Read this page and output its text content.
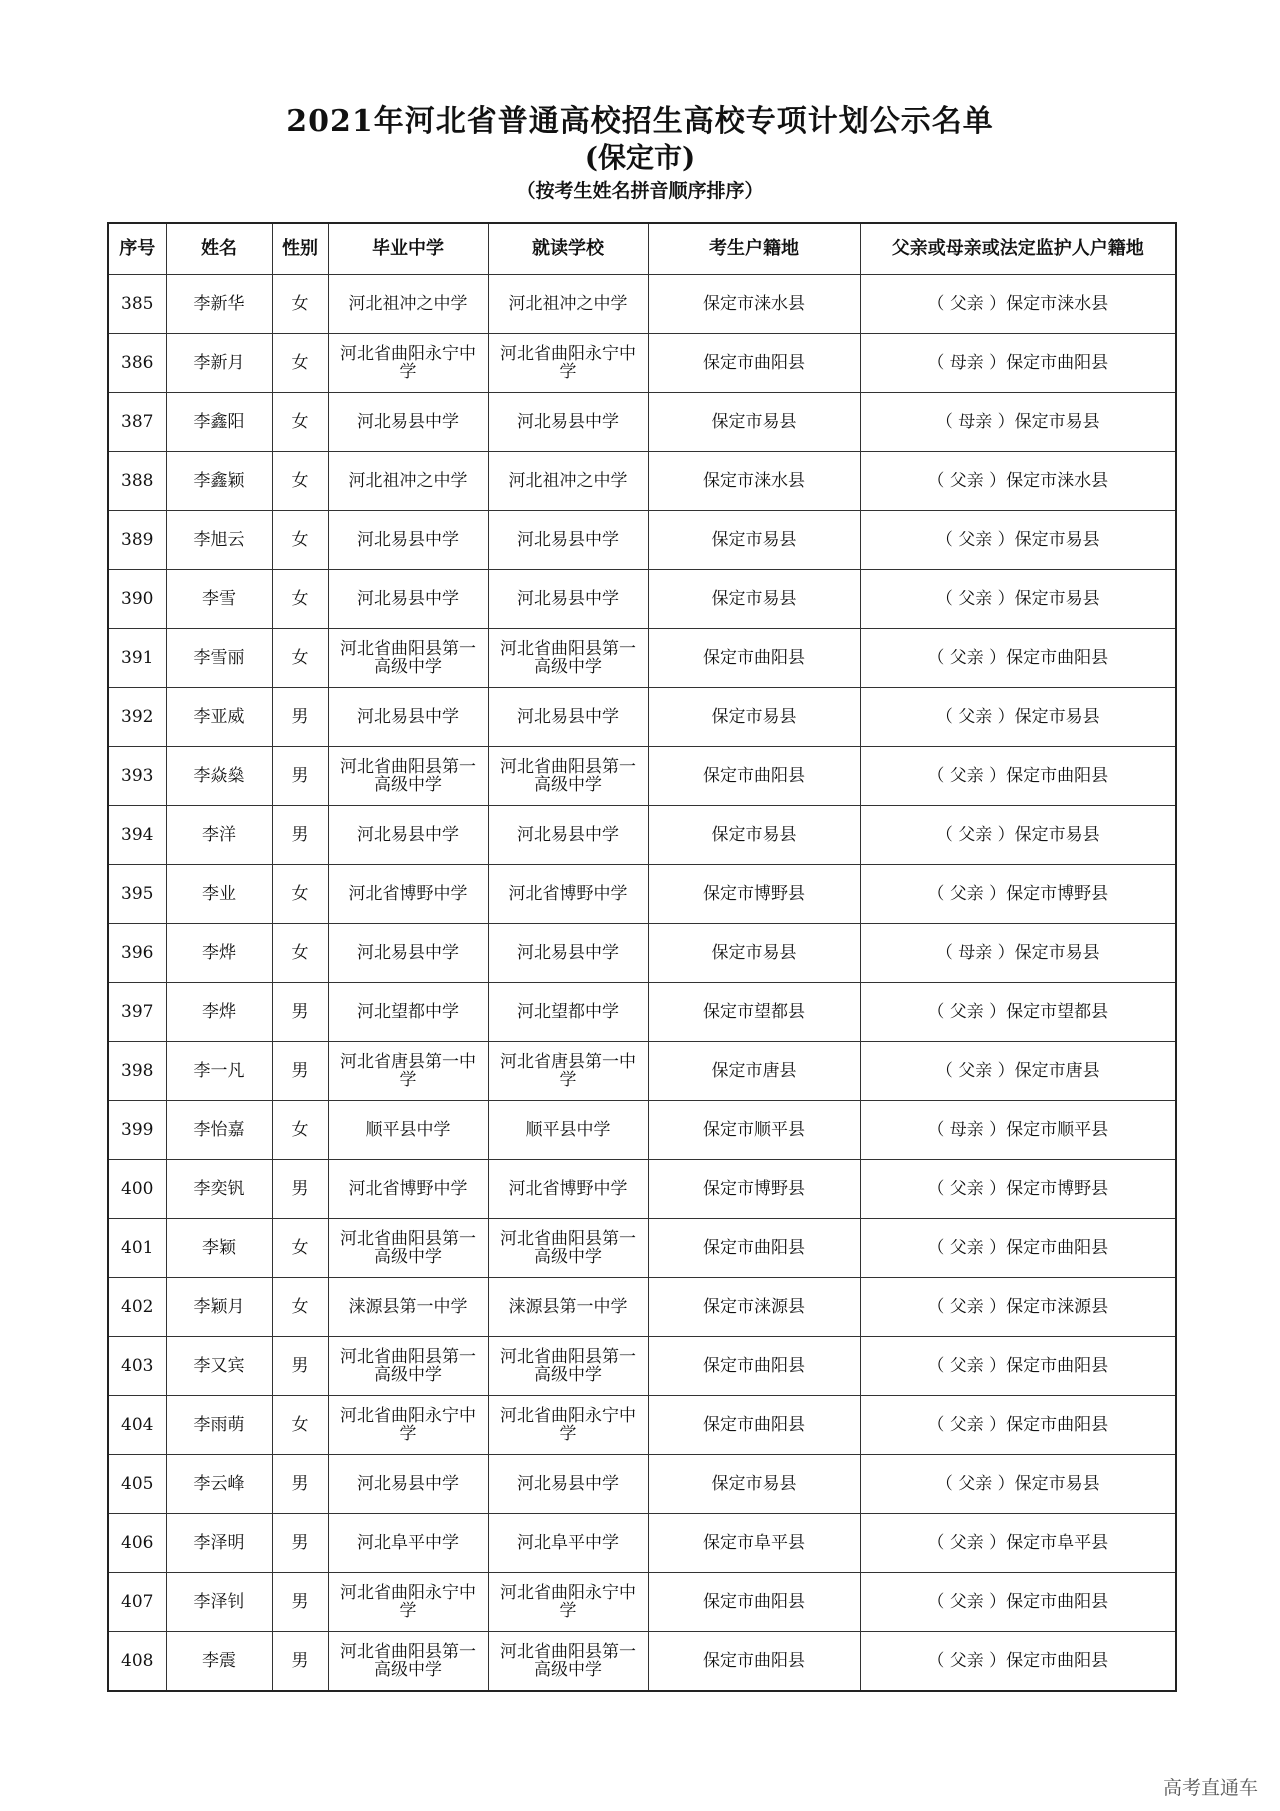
2021年河北省普通高校招生高校专项计划公示名单
(保定市)
（按考生姓名拼音顺序排序）
序号	姓名	性别	毕业中学	就读学校	考生户籍地	父亲或母亲或法定监护人户籍地
385	李新华	女	河北祖冲之中学	河北祖冲之中学	保定市涞水县	（ 父亲 ）保定市涞水县
386	李新月	女	河北省曲阳永宁中学	河北省曲阳永宁中学	保定市曲阳县	（ 母亲 ）保定市曲阳县
387	李鑫阳	女	河北易县中学	河北易县中学	保定市易县	（ 母亲 ）保定市易县
388	李鑫颖	女	河北祖冲之中学	河北祖冲之中学	保定市涞水县	（ 父亲 ）保定市涞水县
389	李旭云	女	河北易县中学	河北易县中学	保定市易县	（ 父亲 ）保定市易县
390	李雪	女	河北易县中学	河北易县中学	保定市易县	（ 父亲 ）保定市易县
391	李雪丽	女	河北省曲阳县第一高级中学	河北省曲阳县第一高级中学	保定市曲阳县	（ 父亲 ）保定市曲阳县
392	李亚威	男	河北易县中学	河北易县中学	保定市易县	（ 父亲 ）保定市易县
393	李焱燊	男	河北省曲阳县第一高级中学	河北省曲阳县第一高级中学	保定市曲阳县	（ 父亲 ）保定市曲阳县
394	李洋	男	河北易县中学	河北易县中学	保定市易县	（ 父亲 ）保定市易县
395	李业	女	河北省博野中学	河北省博野中学	保定市博野县	（ 父亲 ）保定市博野县
396	李烨	女	河北易县中学	河北易县中学	保定市易县	（ 母亲 ）保定市易县
397	李烨	男	河北望都中学	河北望都中学	保定市望都县	（ 父亲 ）保定市望都县
398	李一凡	男	河北省唐县第一中学	河北省唐县第一中学	保定市唐县	（ 父亲 ）保定市唐县
399	李怡嘉	女	顺平县中学	顺平县中学	保定市顺平县	（ 母亲 ）保定市顺平县
400	李奕钒	男	河北省博野中学	河北省博野中学	保定市博野县	（ 父亲 ）保定市博野县
401	李颖	女	河北省曲阳县第一高级中学	河北省曲阳县第一高级中学	保定市曲阳县	（ 父亲 ）保定市曲阳县
402	李颖月	女	涞源县第一中学	涞源县第一中学	保定市涞源县	（ 父亲 ）保定市涞源县
403	李又宾	男	河北省曲阳县第一高级中学	河北省曲阳县第一高级中学	保定市曲阳县	（ 父亲 ）保定市曲阳县
404	李雨萌	女	河北省曲阳永宁中学	河北省曲阳永宁中学	保定市曲阳县	（ 父亲 ）保定市曲阳县
405	李云峰	男	河北易县中学	河北易县中学	保定市易县	（ 父亲 ）保定市易县
406	李泽明	男	河北阜平中学	河北阜平中学	保定市阜平县	（ 父亲 ）保定市阜平县
407	李泽钊	男	河北省曲阳永宁中学	河北省曲阳永宁中学	保定市曲阳县	（ 父亲 ）保定市曲阳县
408	李震	男	河北省曲阳县第一高级中学	河北省曲阳县第一高级中学	保定市曲阳县	（ 父亲 ）保定市曲阳县
高考直通车
